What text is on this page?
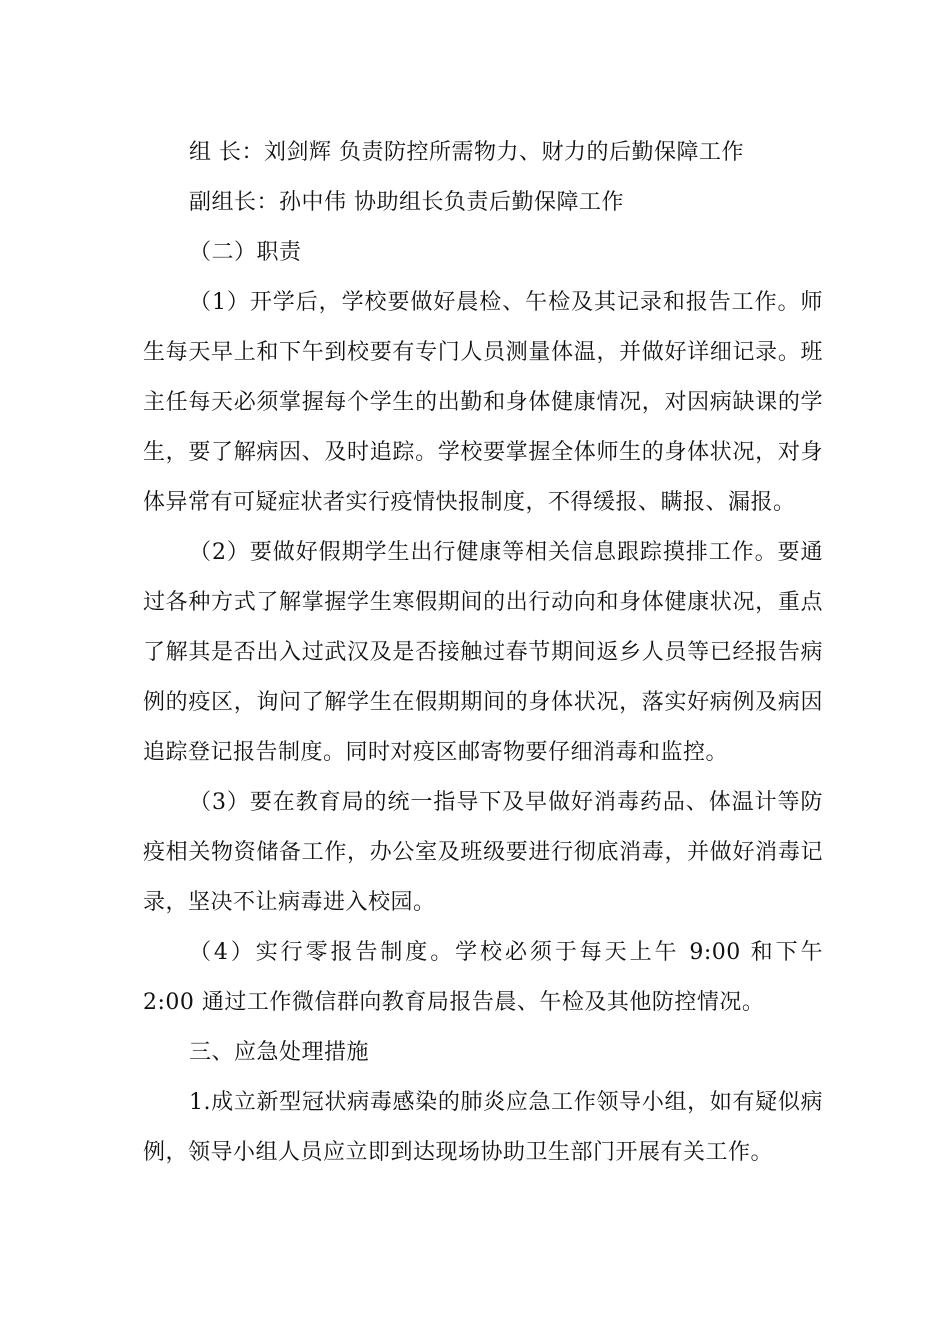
组 长：刘剑辉 负责防控所需物力、财力的后勤保障工作

副组长：孙中伟 协助组长负责后勤保障工作

（二）职责

（1）开学后，学校要做好晨检、午检及其记录和报告工作。师生每天早上和下午到校要有专门人员测量体温，并做好详细记录。班主任每天必须掌握每个学生的出勤和身体健康情况，对因病缺课的学生，要了解病因、及时追踪。学校要掌握全体师生的身体状况，对身体异常有可疑症状者实行疫情快报制度，不得缓报、瞒报、漏报。

（2）要做好假期学生出行健康等相关信息跟踪摸排工作。要通过各种方式了解掌握学生寒假期间的出行动向和身体健康状况，重点了解其是否出入过武汉及是否接触过春节期间返乡人员等已经报告病例的疫区，询问了解学生在假期期间的身体状况，落实好病例及病因追踪登记报告制度。同时对疫区邮寄物要仔细消毒和监控。

（3）要在教育局的统一指导下及早做好消毒药品、体温计等防疫相关物资储备工作，办公室及班级要进行彻底消毒，并做好消毒记录，坚决不让病毒进入校园。

（4）实行零报告制度。学校必须于每天上午 9:00 和下午 2:00 通过工作微信群向教育局报告晨、午检及其他防控情况。

三、应急处理措施

1.成立新型冠状病毒感染的肺炎应急工作领导小组，如有疑似病例，领导小组人员应立即到达现场协助卫生部门开展有关工作。
